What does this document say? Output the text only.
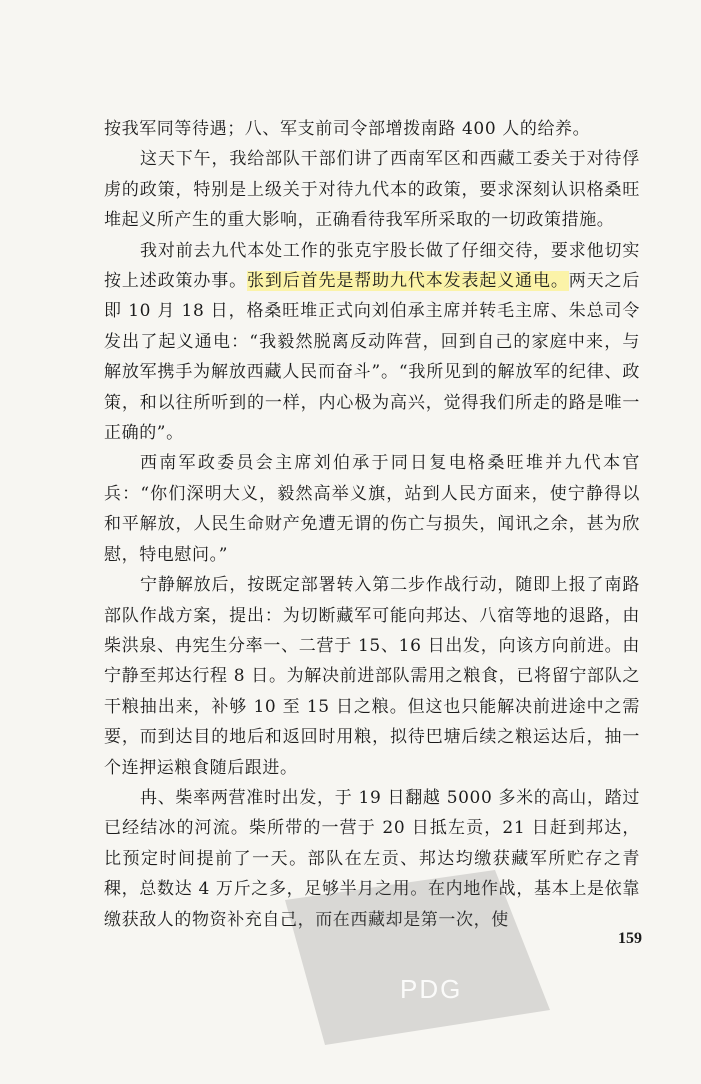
按我军同等待遇；八、军支前司令部增拨南路 400 人的给养。

这天下午，我给部队干部们讲了西南军区和西藏工委关于对待俘虏的政策，特别是上级关于对待九代本的政策，要求深刻认识格桑旺堆起义所产生的重大影响，正确看待我军所采取的一切政策措施。

我对前去九代本处工作的张克宇股长做了仔细交待，要求他切实按上述政策办事。张到后首先是帮助九代本发表起义通电。两天之后即 10 月 18 日，格桑旺堆正式向刘伯承主席并转毛主席、朱总司令发出了起义通电：“我毅然脱离反动阵营，回到自己的家庭中来，与解放军携手为解放西藏人民而奋斗”。“我所见到的解放军的纪律、政策，和以往所听到的一样，内心极为高兴，觉得我们所走的路是唯一正确的”。

西南军政委员会主席刘伯承于同日复电格桑旺堆并九代本官兵：“你们深明大义，毅然高举义旗，站到人民方面来，使宁静得以和平解放，人民生命财产免遭无谓的伤亡与损失，闻讯之余，甚为欣慰，特电慰问。”

宁静解放后，按既定部署转入第二步作战行动，随即上报了南路部队作战方案，提出：为切断藏军可能向邦达、八宿等地的退路，由柴洪泉、冉宪生分率一、二营于 15、16 日出发，向该方向前进。由宁静至邦达行程 8 日。为解决前进部队需用之粮食，已将留宁部队之干粮抽出来，补够 10 至 15 日之粮。但这也只能解决前进途中之需要，而到达目的地后和返回时用粮，拟待巴塘后续之粮运达后，抽一个连押运粮食随后跟进。

冉、柴率两营准时出发，于 19 日翻越 5000 多米的高山，踏过已经结冰的河流。柴所带的一营于 20 日抵左贡，21 日赶到邦达，比预定时间提前了一天。部队在左贡、邦达均缴获藏军所贮存之青稞，总数达 4 万斤之多，足够半月之用。在内地作战，基本上是依靠缴获敌人的物资补充自己，而在西藏却是第一次，使

159
PDG
